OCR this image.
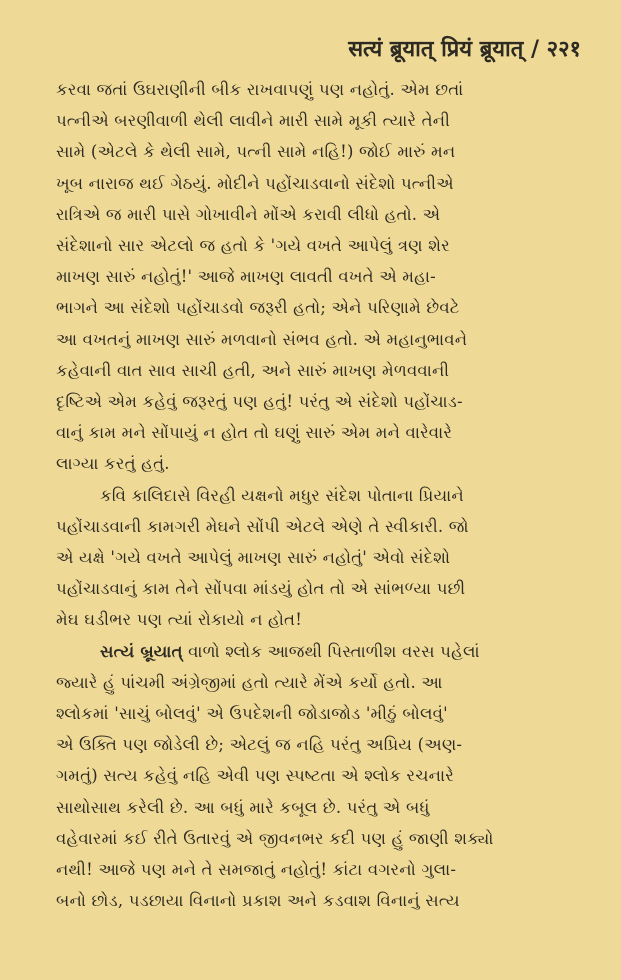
सत्यं ब्रूयात् प्रियं ब्रूयात् / २२१
કરવા જતાં ઉઘરાણીની બીક રાખવાપણું પણ નહોતું. એમ છતાં
પત્નીએ બરણીવાળી થેલી લાવીને મારી સામે મૂકી ત્યારે તેની
સામે (એટલે કે થેલી સામે, પત્ની સામે નહિ!) જોઈ મારું મન
ખૂબ નારાજ થઈ ગેઠયું. મોદીને પહોંચાડવાનો સંદેશો પત્નીએ
રાત્રિએ જ મારી પાસે ગોખાવીને મોંએ કરાવી લીધો હતો. એ
સંદેશાનો સાર એટલો જ હતો કે 'ગયે વખતે આપેલું ત્રણ શેર
માખણ સારું નહોતું!' આજે માખણ લાવતી વખતે એ મહા-
ભાગને આ સંદેશો પહોંચાડવો જરૂરી હતો; એને પરિણામે છેવટે
આ વખતનું માખણ સારું મળવાનો સંભવ હતો. એ મહાનુભાવને
કહેવાની વાત સાવ સાચી હતી, અને સારું માખણ મેળવવાની
દૃષ્ટિએ એમ કહેવું જરૂરતું પણ હતું! પરંતુ એ સંદેશો પહોંચાડ-
વાનું કામ મને સોંપાયું ન હોત તો ઘણું સારું એમ મને વારેવારે
લાગ્યા કરતું હતું.
કવિ કાલિદાસે વિરહી યક્ષનો મધુર સંદેશ પોતાના પ્રિયાને
પહોંચાડવાની કામગરી મેઘને સોંપી એટલે એણે તે સ્વીકારી. જો
એ યક્ષે 'ગયે વખતે આપેલું માખણ સારું નહોતું' એવો સંદેશો
પહોંચાડવાનું કામ તેને સોંપવા માંડયું હોત તો એ સાંભળ્યા પછી
મેઘ ઘડીભર પણ ત્યાં રોકાયો ન હોત!
સત્યં બ્રૂયાત્ વાળો શ્લોક આજથી પિસ્તાળીશ વરસ પહેલાં
જ્યારે હું પાંચમી અંગ્રેજીમાં હતો ત્યારે મેંએ કર્યો હતો. આ
શ્લોકમાં 'સાચું બોલવું' એ ઉપદેશની જોડાજોડ 'મીઠું બોલવું'
એ ઉક્તિ પણ જોડેલી છે; એટલું જ નહિ પરંતુ અપ્રિય (અણ-
ગમતું) સત્ય કહેવું નહિ એવી પણ સ્પષ્ટતા એ શ્લોક રચનારે
સાથોસાથ કરેલી છે. આ બધું મારે કબૂલ છે. પરંતુ એ બધું
વહેવારમાં કઈ રીતે ઉતારવું એ જીવનભર કદી પણ હું જાણી શક્યો
નથી! આજે પણ મને તે સમજાતું નહોતું! કાંટા વગરનો ગુલા-
બનો છોડ, પડછાયા વિનાનો પ્રકાશ અને કડવાશ વિનાનું સત્ય
